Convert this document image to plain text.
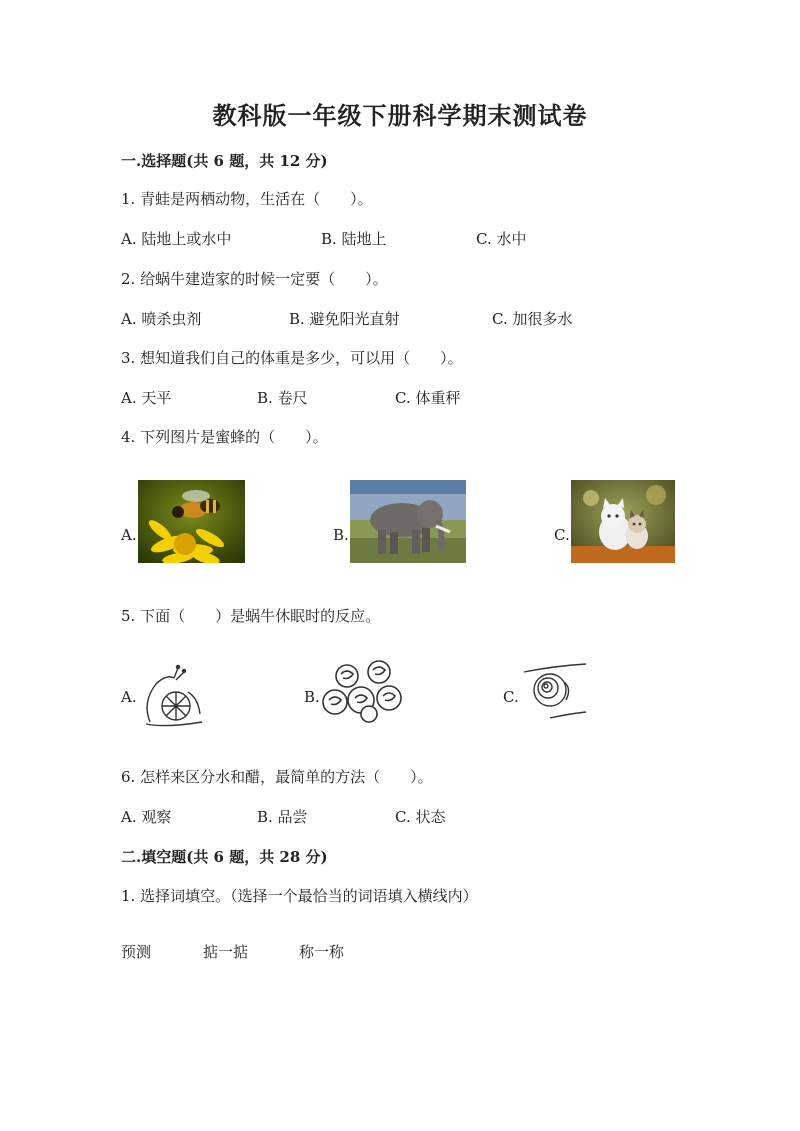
教科版一年级下册科学期末测试卷
一.选择题(共 6 题，共 12 分)
1. 青蛙是两栖动物，生活在（　　）。
A. 陆地上或水中	B. 陆地上	C. 水中
2. 给蜗牛建造家的时候一定要（　　）。
A. 喷杀虫剂	B. 避免阳光直射	C. 加很多水
3. 想知道我们自己的体重是多少，可以用（　　）。
A. 天平	B. 卷尺	C. 体重秤
4. 下列图片是蜜蜂的（　　）。
A.	B.	C.
5. 下面（　　）是蜗牛休眠时的反应。
A.	B.	C.
6. 怎样来区分水和醋，最简单的方法（　　）。
A. 观察	B. 品尝	C. 状态
二.填空题(共 6 题，共 28 分)
1. 选择词填空。（选择一个最恰当的词语填入横线内）
预测	掂一掂	称一称
